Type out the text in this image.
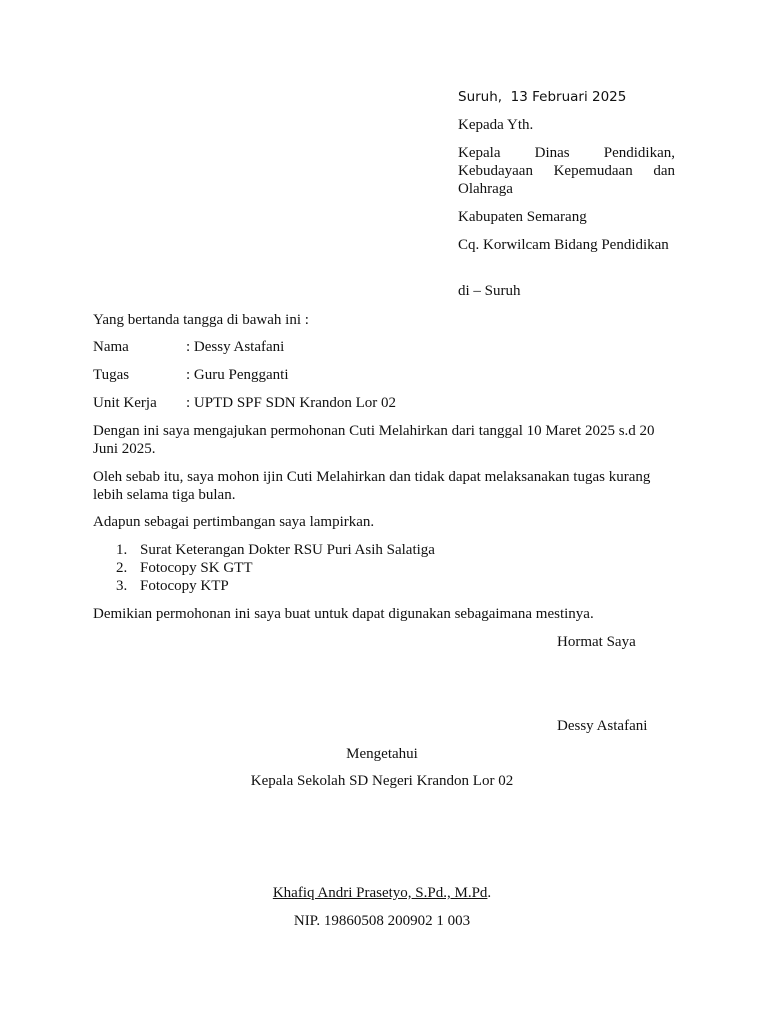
Suruh,  13 Februari 2025
Kepada Yth.
Kepala Dinas Pendidikan, Kebudayaan Kepemudaan dan Olahraga
Kabupaten Semarang
Cq. Korwilcam Bidang Pendidikan
di – Suruh
Yang bertanda tangga di bawah ini :
Nama	: Dessy Astafani
Tugas	: Guru Pengganti
Unit Kerja : UPTD SPF SDN Krandon Lor 02
Dengan ini saya mengajukan permohonan Cuti Melahirkan dari tanggal 10 Maret 2025 s.d 20 Juni 2025.
Oleh sebab itu, saya mohon ijin Cuti Melahirkan dan tidak dapat melaksanakan tugas kurang lebih selama tiga bulan.
Adapun sebagai pertimbangan saya lampirkan.
1. Surat Keterangan Dokter RSU Puri Asih Salatiga
2. Fotocopy SK GTT
3. Fotocopy KTP
Demikian permohonan ini saya buat untuk dapat digunakan sebagaimana mestinya.
Hormat Saya
Dessy Astafani
Mengetahui
Kepala Sekolah SD Negeri Krandon Lor 02
Khafiq Andri Prasetyo, S.Pd., M.Pd.
NIP. 19860508 200902 1 003
